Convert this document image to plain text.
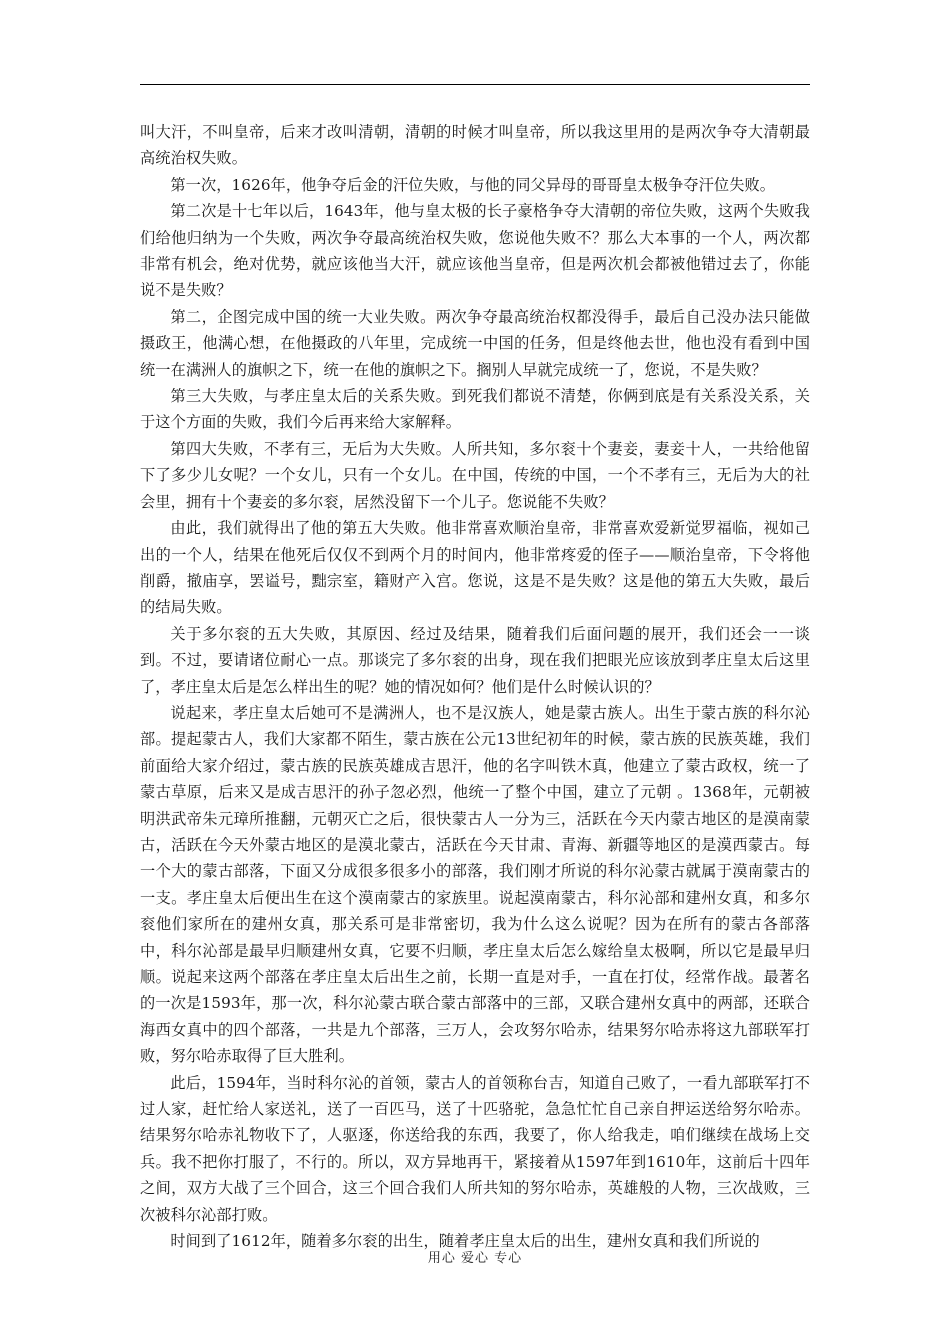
叫大汗，不叫皇帝，后来才改叫清朝，清朝的时候才叫皇帝，所以我这里用的是两次争夺大清朝最高统治权失败。

第一次，1626年，他争夺后金的汗位失败，与他的同父异母的哥哥皇太极争夺汗位失败。

第二次是十七年以后，1643年，他与皇太极的长子豪格争夺大清朝的帝位失败，这两个失败我们给他归纳为一个失败，两次争夺最高统治权失败，您说他失败不？那么大本事的一个人，两次都非常有机会，绝对优势，就应该他当大汗，就应该他当皇帝，但是两次机会都被他错过去了，你能说不是失败？

第二，企图完成中国的统一大业失败。两次争夺最高统治权都没得手，最后自己没办法只能做摄政王，他满心想，在他摄政的八年里，完成统一中国的任务，但是终他去世，他也没有看到中国统一在满洲人的旗帜之下，统一在他的旗帜之下。搁别人早就完成统一了，您说，不是失败？

第三大失败，与孝庄皇太后的关系失败。到死我们都说不清楚，你俩到底是有关系没关系，关于这个方面的失败，我们今后再来给大家解释。

第四大失败，不孝有三，无后为大失败。人所共知，多尔衮十个妻妾，妻妾十人，一共给他留下了多少儿女呢？一个女儿，只有一个女儿。在中国，传统的中国，一个不孝有三，无后为大的社会里，拥有十个妻妾的多尔衮，居然没留下一个儿子。您说能不失败？

由此，我们就得出了他的第五大失败。他非常喜欢顺治皇帝，非常喜欢爱新觉罗福临，视如己出的一个人，结果在他死后仅仅不到两个月的时间内，他非常疼爱的侄子——顺治皇帝，下令将他削爵，撤庙享，罢谥号，黜宗室，籍财产入宫。您说，这是不是失败？这是他的第五大失败，最后的结局失败。

关于多尔衮的五大失败，其原因、经过及结果，随着我们后面问题的展开，我们还会一一谈到。不过，要请诸位耐心一点。那谈完了多尔衮的出身，现在我们把眼光应该放到孝庄皇太后这里了，孝庄皇太后是怎么样出生的呢？她的情况如何？他们是什么时候认识的？

说起来，孝庄皇太后她可不是满洲人，也不是汉族人，她是蒙古族人。出生于蒙古族的科尔沁部。提起蒙古人，我们大家都不陌生，蒙古族在公元13世纪初年的时候，蒙古族的民族英雄，我们前面给大家介绍过，蒙古族的民族英雄成吉思汗，他的名字叫铁木真，他建立了蒙古政权，统一了蒙古草原，后来又是成吉思汗的孙子忽必烈，他统一了整个中国，建立了元朝 。1368年，元朝被明洪武帝朱元璋所推翻，元朝灭亡之后，很快蒙古人一分为三，活跃在今天内蒙古地区的是漠南蒙古，活跃在今天外蒙古地区的是漠北蒙古，活跃在今天甘肃、青海、新疆等地区的是漠西蒙古。每一个大的蒙古部落，下面又分成很多很多小的部落，我们刚才所说的科尔沁蒙古就属于漠南蒙古的一支。孝庄皇太后便出生在这个漠南蒙古的家族里。说起漠南蒙古，科尔沁部和建州女真，和多尔衮他们家所在的建州女真，那关系可是非常密切，我为什么这么说呢？因为在所有的蒙古各部落中，科尔沁部是最早归顺建州女真，它要不归顺，孝庄皇太后怎么嫁给皇太极啊，所以它是最早归顺。说起来这两个部落在孝庄皇太后出生之前，长期一直是对手，一直在打仗，经常作战。最著名的一次是1593年，那一次，科尔沁蒙古联合蒙古部落中的三部，又联合建州女真中的两部，还联合海西女真中的四个部落，一共是九个部落，三万人，会攻努尔哈赤，结果努尔哈赤将这九部联军打败，努尔哈赤取得了巨大胜利。

此后，1594年，当时科尔沁的首领，蒙古人的首领称台吉，知道自己败了，一看九部联军打不过人家，赶忙给人家送礼，送了一百匹马，送了十匹骆驼，急急忙忙自己亲自押运送给努尔哈赤。结果努尔哈赤礼物收下了，人驱逐，你送给我的东西，我要了，你人给我走，咱们继续在战场上交兵。我不把你打服了，不行的。所以，双方异地再干，紧接着从1597年到1610年，这前后十四年之间，双方大战了三个回合，这三个回合我们人所共知的努尔哈赤，英雄般的人物，三次战败，三次被科尔沁部打败。

时间到了1612年，随着多尔衮的出生，随着孝庄皇太后的出生，建州女真和我们所说的

用心 爱心 专心
